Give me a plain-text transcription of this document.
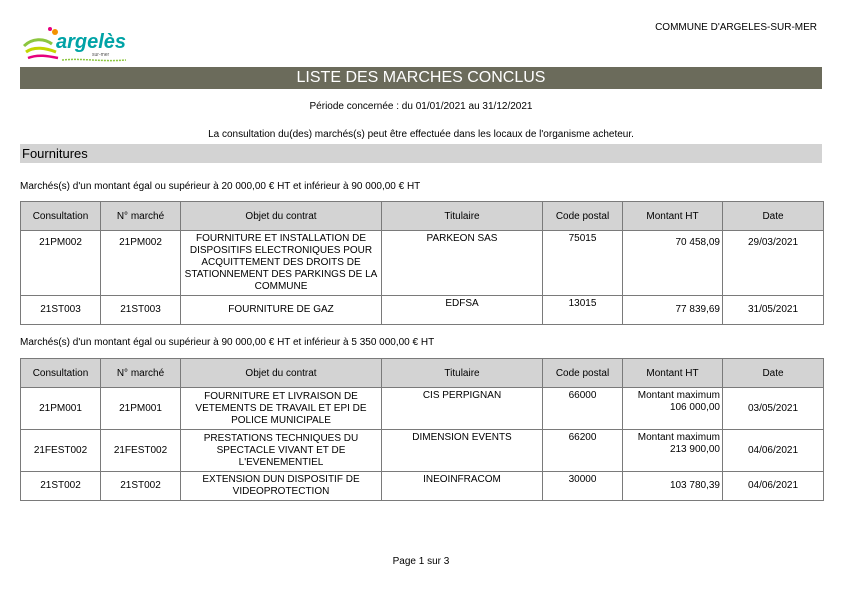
argelès
sur-mer
COMMUNE D'ARGELES-SUR-MER
LISTE DES MARCHES CONCLUS
Période concernée : du 01/01/2021 au 31/12/2021
La consultation du(des) marchés(s) peut être effectuée dans les locaux de l'organisme acheteur.
Fournitures
Marchés(s) d'un montant égal ou supérieur à 20 000,00 € HT et inférieur à 90 000,00 € HT
Consultation	N° marché	Objet du contrat	Titulaire	Code postal	Montant HT	Date
21PM002	21PM002	FOURNITURE ET INSTALLATION DE DISPOSITIFS ELECTRONIQUES POUR ACQUITTEMENT DES DROITS DE STATIONNEMENT DES PARKINGS DE LA COMMUNE	PARKEON SAS	75015	70 458,09	29/03/2021
21ST003	21ST003	FOURNITURE DE GAZ	EDFSA	13015	77 839,69	31/05/2021
Marchés(s) d'un montant égal ou supérieur à 90 000,00 € HT et inférieur à 5 350 000,00 € HT
Consultation	N° marché	Objet du contrat	Titulaire	Code postal	Montant HT	Date
21PM001	21PM001	FOURNITURE ET LIVRAISON DE VETEMENTS DE TRAVAIL ET EPI DE POLICE MUNICIPALE	CIS PERPIGNAN	66000	Montant maximum 106 000,00	03/05/2021
21FEST002	21FEST002	PRESTATIONS TECHNIQUES DU SPECTACLE VIVANT ET DE L'EVENEMENTIEL	DIMENSION EVENTS	66200	Montant maximum 213 900,00	04/06/2021
21ST002	21ST002	EXTENSION DUN DISPOSITIF DE VIDEOPROTECTION	INEOINFRACOM	30000	103 780,39	04/06/2021
Page 1 sur 3
